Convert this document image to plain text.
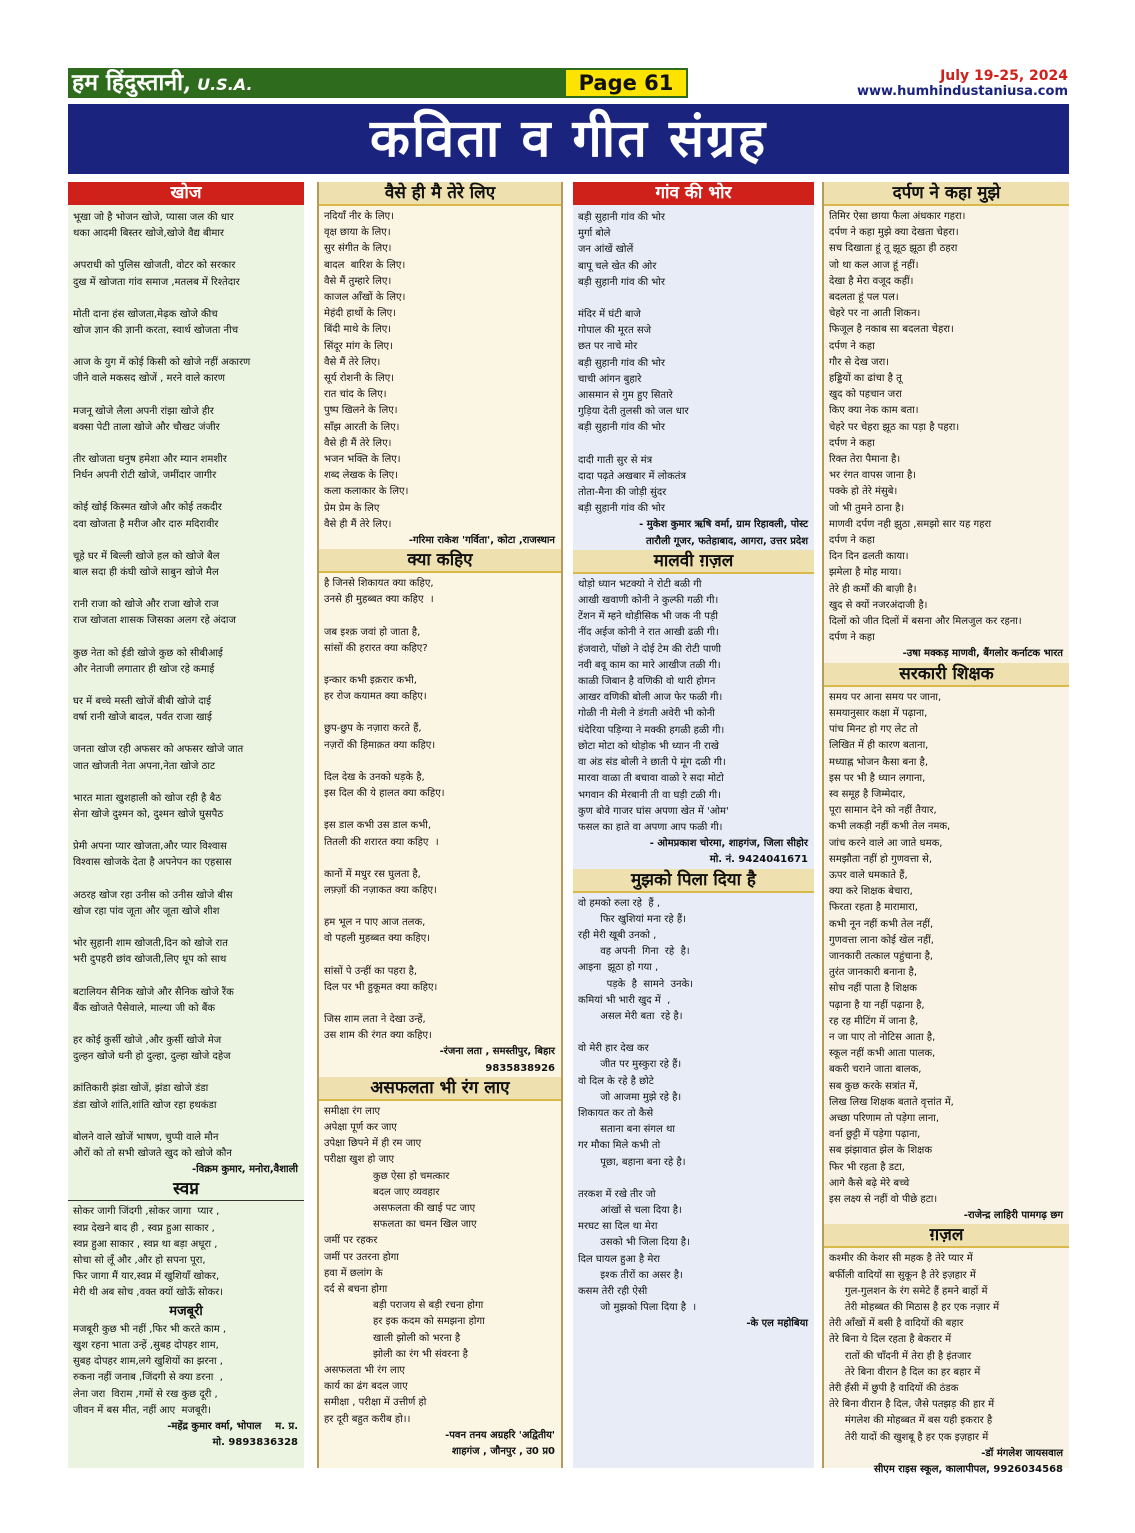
हम हिंदुस्तानी, U.S.A.	Page 61	July 19-25, 2024
www.humhindustaniusa.com
कविता व गीत संग्रह
खोज
भूखा जो है भोजन खोजे, प्यासा जल की धार
थका आदमी बिस्तर खोजे,खोजे वैद्य बीमार
अपराधी को पुलिस खोजती, वोटर को सरकार
दुख में खोजता गांव समाज ,मतलब में रिश्तेदार
मोती दाना हंस खोजता,मेढ़क खोजे कीच
खोज ज्ञान की ज्ञानी करता, स्वार्थ खोजता नीच
आज के युग में कोई किसी को खोजे नहीं अकारण
जीने वाले मकसद खोजें , मरने वाले कारण
मजनू खोजे लैला अपनी रांझा खोजे हीर
बक्सा पेटी ताला खोजे और चौखट जंजीर
तीर खोजता धनुष हमेशा और म्यान शमशीर
निर्धन अपनी रोटी खोजे, जमींदार जागीर
कोई खोई किस्मत खोजे और कोई तकदीर
दवा खोजता है मरीज और दारु मदिरावीर
चूहे घर में बिल्ली खोजे हल को खोजे बैल
बाल सदा ही कंघी खोजे साबुन खोजे मैल
रानी राजा को खोजे और राजा खोजे राज
राज खोजता शासक जिसका अलग रहे अंदाज
कुछ नेता को ईडी खोजे कुछ को सीबीआई
और नेताजी लगातार ही खोज रहे कमाई
घर में बच्चे मस्ती खोजें बीबी खोजे दाई
वर्षा रानी खोजे बादल, पर्वत राजा खाई
जनता खोज रही अफसर को अफसर खोजे जात
जात खोजती नेता अपना,नेता खोजे ठाट
भारत माता खुशहाली को खोज रही है बैठ
सेना खोजे दुश्मन को, दुश्मन खोजे घुसपैठ
प्रेमी अपना प्यार खोजता,और प्यार विश्वास
विश्वास खोजके देता है अपनेपन का एहसास
अठरह खोज रहा उनीस को उनीस खोजे बीस
खोज रहा पांव जूता और जूता खोजे शीश
भोर सुहानी शाम खोजती,दिन को खोजे रात
भरी दुपहरी छांव खोजती,लिए धूप को साथ
बटालियन सैनिक खोजे और सैनिक खोजे रैंक
बैंक खोजते पैसेवाले, माल्या जी को बैंक
हर कोई कुर्सी खोजे ,और कुर्सी खोजे मेज
दुल्हन खोजे धनी हो दुल्हा, दुल्हा खोजे दहेज
क्रांतिकारी झंडा खोजें, झंडा खोजे डंडा
डंडा खोजे शांति,शांति खोज रहा हथकंडा
बोलने वाले खोजें भाषण, चुप्पी वाले मौन
औरों को तो सभी खोजते खुद को खोजे कौन
-विक्रम कुमार, मनोरा,वैशाली
स्वप्न
सोकर जागी जिंदगी ,सोकर जागा  प्यार ,
स्वप्न देखने बाद ही , स्वप्न हुआ साकार ,
स्वप्न हुआ साकार , स्वप्न था बड़ा अधूरा ,
सोचा सो लूँ और ,और हो सपना पूरा,
फिर जागा मैं यार,स्वप्न में खुशियाँ खोकर,
मेरी थी अब सोच ,वक्त क्यों खोऊँ सोकर।
मजबूरी
मजबूरी कुछ भी नहीं ,फिर भी करते काम ,
खुश रहना भाता उन्हें ,सुबह दोपहर शाम,
सुबह दोपहर शाम,लगे खुशियों का झरना ,
रुकना नहीं जनाब ,जिंदगी से क्या डरना  ,
लेना जरा  विराम ,गमों से रख कुछ दूरी ,
जीवन में बस मीत, नहीं आए  मजबूरी।
-महेंद्र कुमार वर्मा, भोपाल    म. प्र.
मो. 9893836328
वैसे ही मै तेरे लिए
नदियाँ नीर के लिए।
वृक्ष छाया के लिए।
सुर संगीत के लिए।
बादल  बारिश के लिए।
वैसे मैं तुम्हारे लिए।
काजल आँखों के लिए।
मेहंदी हाथों के लिए।
बिंदी माथे के लिए।
सिंदूर मांग के लिए।
वैसे मैं तेरे लिए।
सूर्य रोशनी के लिए।
रात चांद के लिए।
पुष्प खिलने के लिए।
साँझ आरती के लिए।
वैसे ही मैं तेरे लिए।
भजन भक्ति के लिए।
शब्द लेखक के लिए।
कला कलाकार के लिए।
प्रेम प्रेम के लिए
वैसे ही मैं तेरे लिए।
-गरिमा राकेश 'गर्विता', कोटा ,राजस्थान
क्या कहिए
है जिनसे शिकायत क्या कहिए,
उनसे ही मुहब्बत क्या कहिए  ।
जब इश्क़ जवां हो जाता है,
सांसों की हरारत क्या कहिए?
इन्कार कभी इक़रार कभी,
हर रोज कयामत क्या कहिए।
छुप-छुप के नज़ारा करते हैं,
नज़रों की हिमाक़त क्या कहिए।
दिल देख के उनको धड़के है,
इस दिल की ये हालत क्या कहिए।
इस डाल कभी उस डाल कभी,
तितली की शरारत क्या कहिए  ।
कानों में मधुर रस घुलता है,
लफ़्ज़ों की नज़ाकत क्या कहिए।
हम भूल न पाए आज तलक,
वो पहली मुहब्बत क्या कहिए।
सांसों पे उन्हीं का पहरा है,
दिल पर भी हुकूमत क्या कहिए।
जिस शाम लता ने देखा उन्हें,
उस शाम की रंगत क्या कहिए।
-रंजना लता , समस्तीपुर, बिहार
9835838926
असफलता भी रंग लाए
समीक्षा रंग लाए
अपेक्षा पूर्ण कर जाए
उपेक्षा छिपने में ही रम जाए
परीक्षा खुश हो जाए
कुछ ऐसा हो चमत्कार
बदल जाए व्यवहार
असफलता की खाई पट जाए
सफलता का चमन खिल जाए
जमीं पर रहकर
जमीं पर उतरना होगा
हवा में छलांग के
दर्द से बचना होगा
बड़ी पराजय से बड़ी रचना होगा
हर इक कदम को समझना होगा
खाली झोली को भरना है
झोली का रंग भी संवरना है
असफलता भी रंग लाए
कार्य का ढंग बदल जाए
समीक्षा , परीक्षा में उत्तीर्ण हो
हर दूरी बहुत करीब हो।।
-पवन तनय अग्रहरि 'अद्वितीय'
शाहगंज , जौनपुर , उ0 प्र0
गांव की भोर
बड़ी सुहानी गांव की भोर
मुर्गा बोले
जन आंखें खोलें
बापू चले खेत की ओर
बड़ी सुहानी गांव की भोर
मंदिर में घंटी बाजे
गोपाल की मूरत सजे
छत पर नाचे मोर
बड़ी सुहानी गांव की भोर
चाची आंगन बुहारे
आसमान से गुम हुए सितारे
गुड़िया देती तुलसी को जल धार
बड़ी सुहानी गांव की भोर
दादी गाती सुर से मंत्र
दादा पढ़ते अखबार में लोकतंत्र
तोता-मैना की जोड़ी सुंदर
बड़ी सुहानी गांव की भोर
- मुकेश कुमार ऋषि वर्मा, ग्राम रिहावली, पोस्ट
तारौली गूजर, फतेहाबाद, आगरा, उत्तर प्रदेश
मालवी ग़ज़ल
थोड़ो ध्यान भटक्यो ने रोटी बळी गी
आखी खवाणी कोनी ने कुल्फी गळी गी।
टेंशन में म्हने थोड़ीसिक भी जक नी पड़ी
नींद अईज कोनी ने रात आखी ढळी गी।
हंजवारो, पोंछो ने दोई टेम की रोटी पाणी
नवी बवू काम का मारे आखीज तळी गी।
काळी जिबान है वणिकी वो थारी होगन
आखर वणिकी बोली आज फेर फळी गी।
गोळी नी मेली ने डंगती अवेरी भी कोनी
धंदेरिया पड़िग्या ने मक्की हगळी हळी गी।
छोटा मोटा को थोड़ोक भी ध्यान नी राखे
वा अंड संड बोली ने छाती पे मूंग दळी गी।
मारवा वाळा ती बचावा वाळो रे सदा मोटो
भगवान की मेरबानी ती वा घड़ी टळी गी।
कुण बोवे गाजर घांस अपणा खेत में 'ओम'
फसल का हाते वा अपणा आप फळी गी।
- ओमप्रकाश चोरमा, शाहगंज, जिला सीहोर
मो. नं. 9424041671
मुझको पिला दिया है
वो हमको रुला रहे  हैं ,
फिर खुशियां मना रहे हैं।
रही मेरी खूबी उनको ,
वह अपनी  गिना  रहे  है।
आइना  झूठा हो गया ,
पड़के  है  सामने  उनके।
कमियां भी भारी खुद में  ,
असल मेरी बता  रहे है।
वो मेरी हार देख कर
जीत पर मुस्कुरा रहे हैं।
वो दिल के रहे है छोटे
जो आजमा मुझे रहे है।
शिकायत कर तो कैसे
सताना बना संगल था
गर मौका मिले कभी तो
पूछा, बहाना बना रहे है।
तरकश में रखे तीर जो
आंखों से चला दिया है।
मरघट सा दिल था मेरा
उसको भी जिला दिया है।
दिल घायल हुआ है मेरा
इश्क तीरों का असर है।
कसम तेरी रही ऐसी
जो मुझको पिला दिया है  ।
-के एल महोबिया
दर्पण ने कहा मुझे
तिमिर ऐसा छाया फैला अंधकार गहरा।
दर्पण ने कहा मुझे क्या देखता चेहरा।
सच दिखाता हूं तू झूठ झूठा ही ठहरा
जो था कल आज हूं नहीं।
देखा है मेरा वजूद कहीं।
बदलता हूं पल पल।
चेहरे पर ना आती शिकन।
फिजूल है नकाब सा बदलता चेहरा।
दर्पण ने कहा
गौर से देख जरा।
हड्डियों का ढांचा है तू
खुद को पहचान जरा
किए क्या नेक काम बता।
चेहरे पर चेहरा झूठ का पड़ा है पहरा।
दर्पण ने कहा
रिक्त तेरा पैमाना है।
भर रंगत वापस जाना है।
पक्के हो तेरे मंसुबे।
जो भी तुमने ठाना है।
माणवी दर्पण नही झुठा ,समझो सार यह गहरा
दर्पण ने कहा
दिन दिन ढलती काया।
झमेला है मोह माया।
तेरे ही कर्मों की बाज़ी है।
खुद से क्यों नजरअंदाजी है।
दिलों को जीत दिलों में बसना और मिलजुल कर रहना।
दर्पण ने कहा
-उषा मक्कड़ माणवी, बैंगलोर कर्नाटक भारत
सरकारी शिक्षक
समय पर आना समय पर जाना,
समयानुसार कक्षा में पढ़ाना,
पांच मिनट हो गए लेट तो
लिखित में ही कारण बताना,
मध्याह्न भोजन कैसा बना है,
इस पर भी है ध्यान लगाना,
स्व समूह है जिम्मेदार,
पूरा सामान देने को नहीं तैयार,
कभी लकड़ी नहीं कभी तेल नमक,
जांच करने वाले आ जाते धमक,
समझौता नहीं हो गुणवत्ता से,
ऊपर वाले धमकाते हैं,
क्या करे शिक्षक बेचारा,
फिरता रहता है मारामारा,
कभी नून नहीं कभी तेल नहीं,
गुणवत्ता लाना कोई खेल नहीं,
जानकारी तत्काल पहुंचाना है,
तुरंत जानकारी बनाना है,
सोच नहीं पाता है शिक्षक
पढ़ाना है या नहीं पढ़ाना है,
रह रह मीटिंग में जाना है,
न जा पाए तो नोटिस आता है,
स्कूल नहीं कभी आता पालक,
बकरी चराने जाता बालक,
सब कुछ करके सत्रांत में,
लिख लिख शिक्षक बताते वृत्तांत में,
अच्छा परिणाम तो पड़ेगा लाना,
वर्ना छुट्टी में पड़ेगा पढ़ाना,
सब झंझावात झेल के शिक्षक
फिर भी रहता है डटा,
आगे कैसे बढ़े मेरे बच्चे
इस लक्ष्य से नहीं वो पीछे हटा।
-राजेन्द्र लाहिरी पामगढ़ छग
ग़ज़ल
कश्मीर की केशर सी महक है तेरे प्यार में
बर्फीली वादियों सा सुकून है तेरे इज़हार में
गुल-गुलशन के रंग समेटे हैं हमने बाहों में
तेरी मोहब्बत की मिठास है हर एक नज़ार में
तेरी आँखों में बसी है वादियों की बहार
तेरे बिना ये दिल रहता है बेकरार में
रातों की चाँदनी में तेरा ही है इंतजार
तेरे बिना वीरान है दिल का हर बहार में
तेरी हँसी में छुपी है वादियों की ठंडक
तेरे बिना वीरान है दिल, जैसे पतझड़ की हार में
मंगलेश की मोहब्बत में बस यही इकरार है
तेरी यादों की खुशबू है हर एक इज़हार में
-डॉ मंगलेश जायसवाल
सीएम राइस स्कूल, कालापीपल, 9926034568
